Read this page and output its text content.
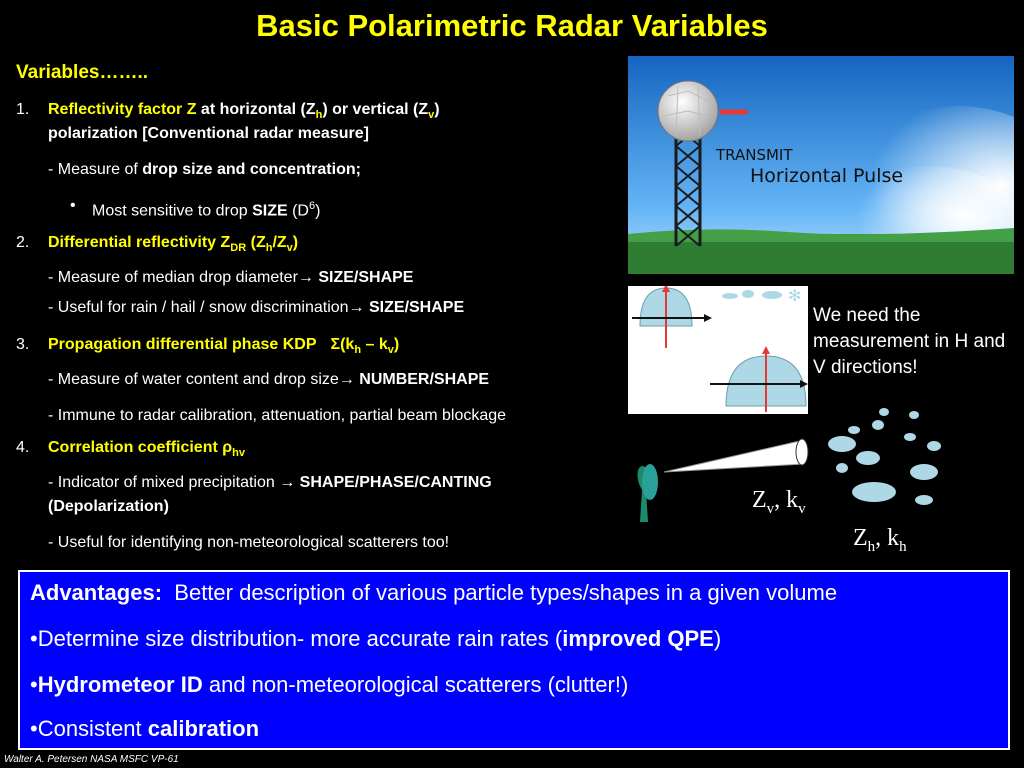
Basic Polarimetric Radar Variables
Variables……..
1. Reflectivity factor Z at horizontal $(Z_h)$ or vertical $(Z_v)$
polarization [Conventional radar measure]
- Measure of drop size and concentration;
• Most sensitive to drop SIZE $(D^6)$
2. Differential reflectivity $Z_{DR}$ $(Z_h/Z_v)$
- Measure of median drop diameter→ SIZE/SHAPE
- Useful for rain / hail / snow discrimination→ SIZE/SHAPE
3. Propagation differential phase KDP $\Sigma(k_h - k_v)$
- Measure of water content and drop size→ NUMBER/SHAPE
- Immune to radar calibration, attenuation, partial beam blockage
4. Correlation coefficient $\rho_{hv}$
- Indicator of mixed precipitation → SHAPE/PHASE/CANTING
(Depolarization)
- Useful for identifying non-meteorological scatterers too!
TRANSMIT
Horizontal Pulse
✻
We need the measurement in H and V directions!
$Z_v$, $k_v$
$Z_h$, $k_h$
Advantages: Better description of various particle types/shapes in a given volume
•Determine size distribution- more accurate rain rates (improved QPE)
•Hydrometeor ID and non-meteorological scatterers (clutter!)
•Consistent calibration
Walter A. Petersen NASA MSFC VP-61
